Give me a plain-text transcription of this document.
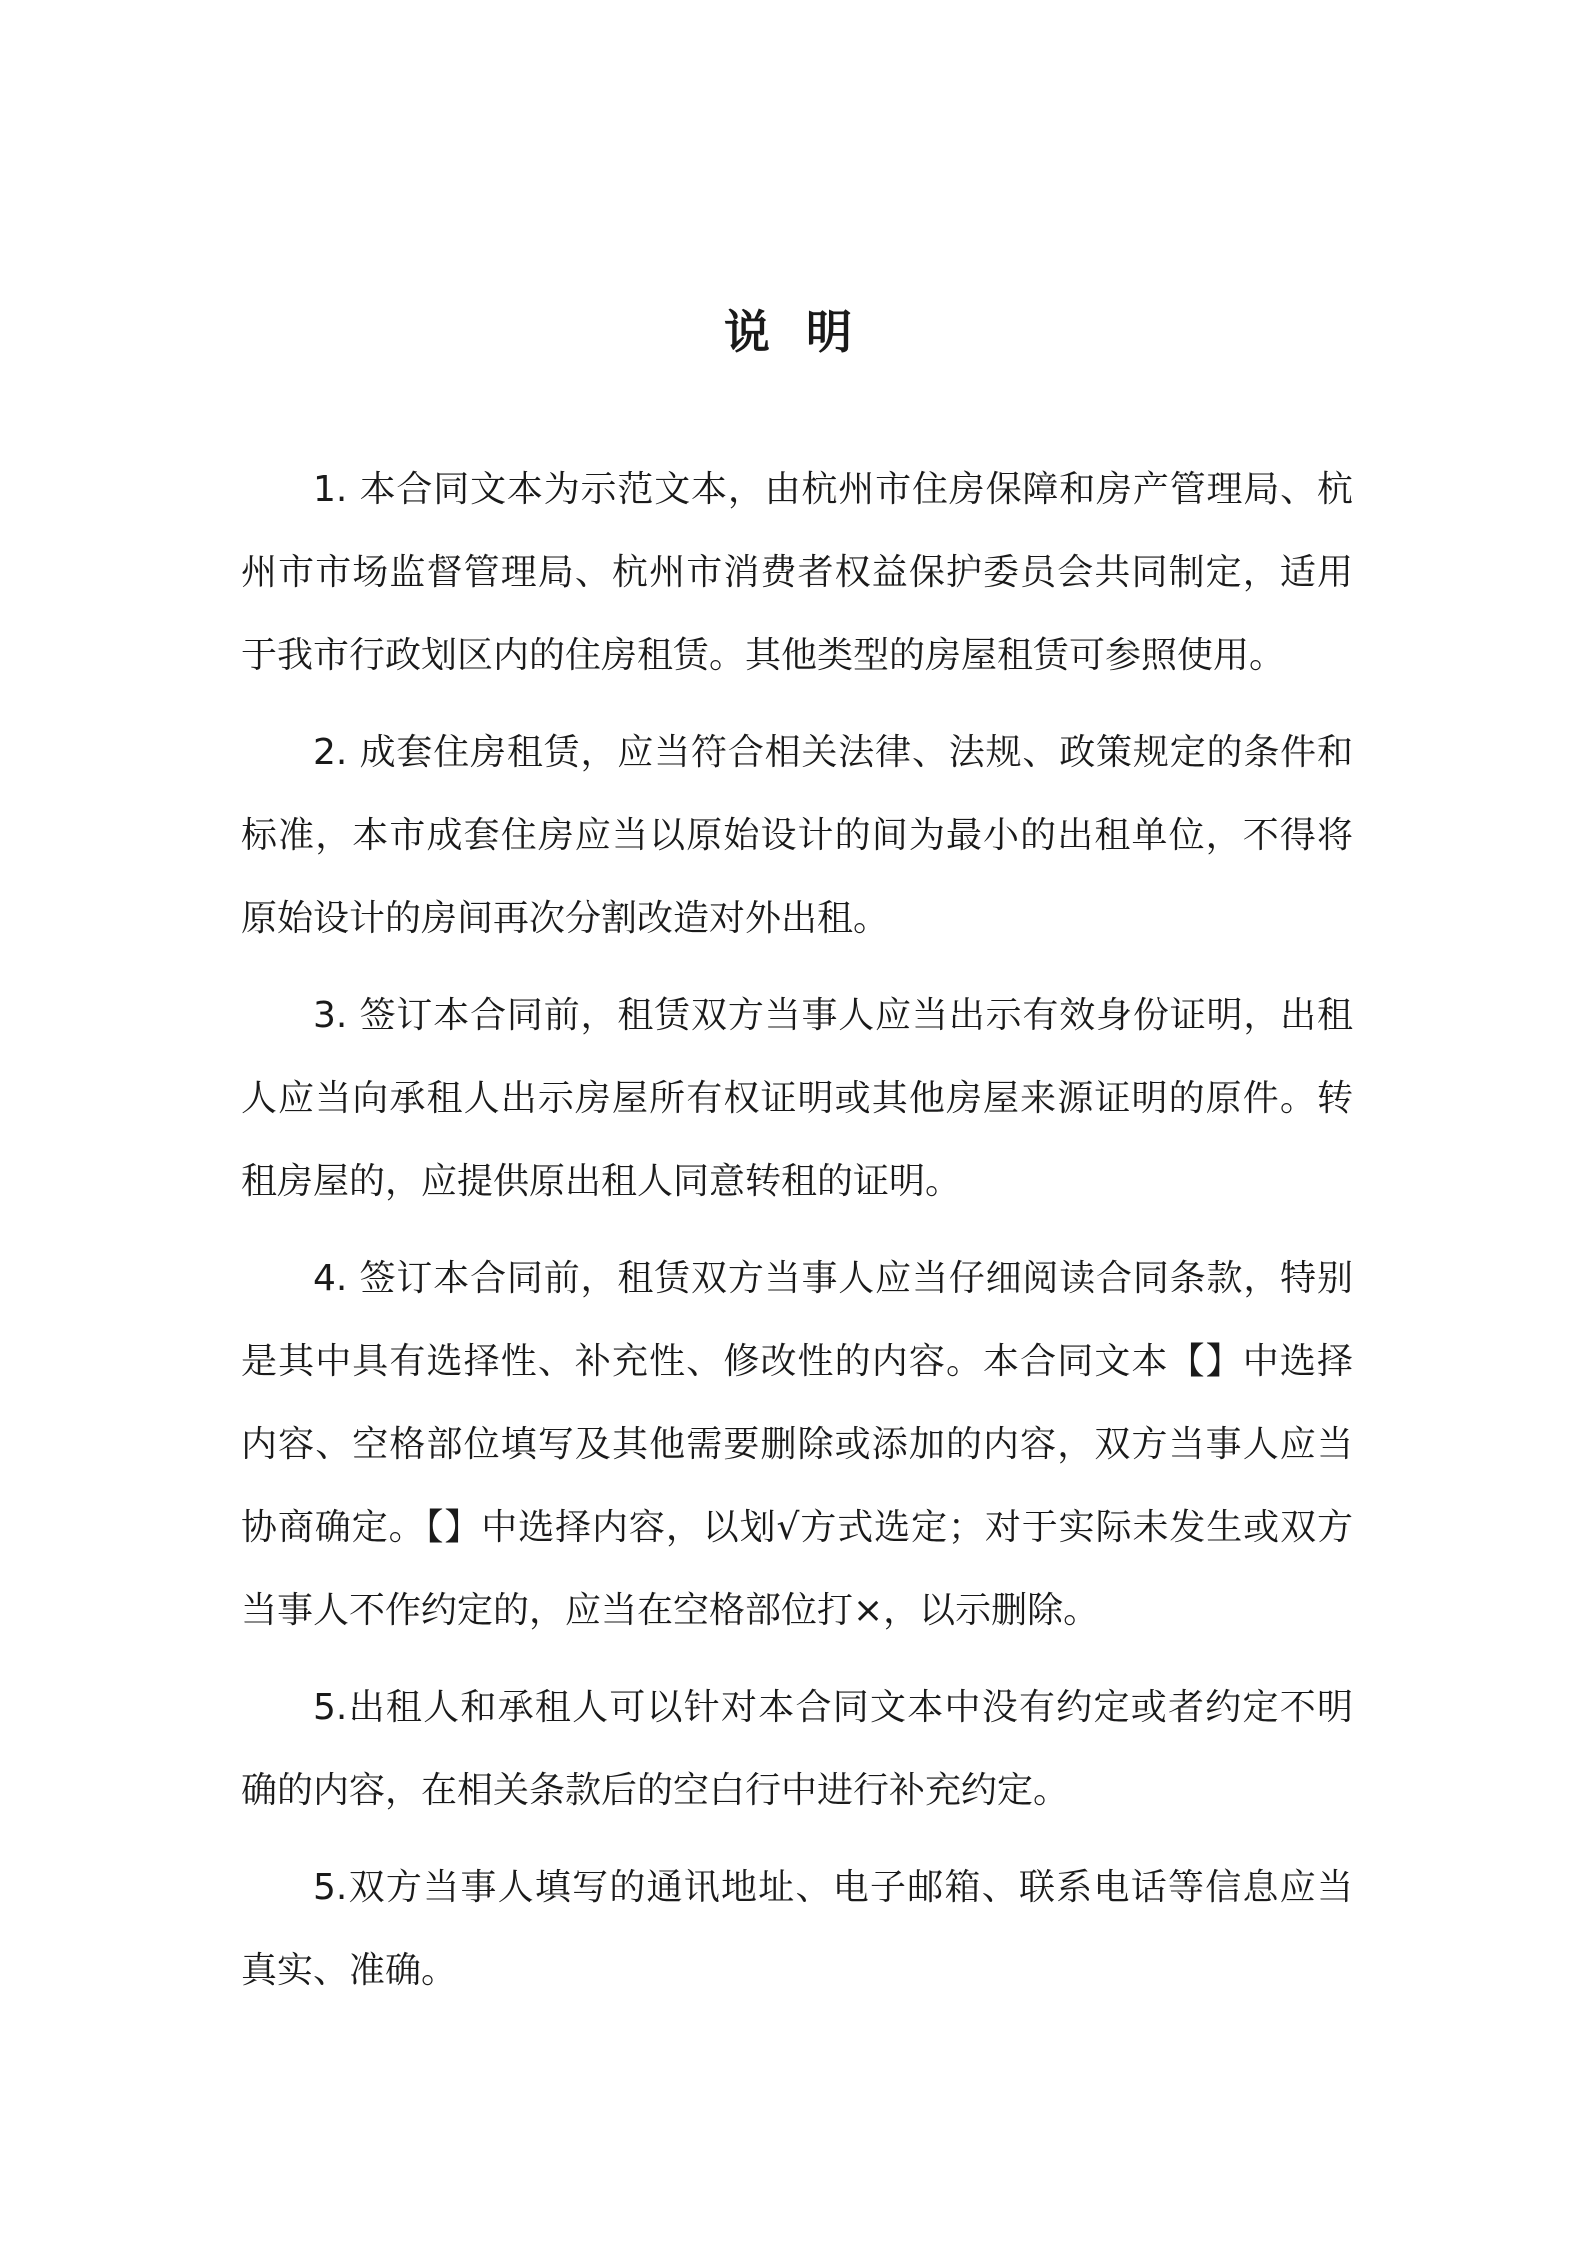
说 明

1. 本合同文本为示范文本，由杭州市住房保障和房产管理局、杭州市市场监督管理局、杭州市消费者权益保护委员会共同制定，适用于我市行政划区内的住房租赁。其他类型的房屋租赁可参照使用。

2. 成套住房租赁，应当符合相关法律、法规、政策规定的条件和标准，本市成套住房应当以原始设计的间为最小的出租单位，不得将原始设计的房间再次分割改造对外出租。

3. 签订本合同前，租赁双方当事人应当出示有效身份证明，出租人应当向承租人出示房屋所有权证明或其他房屋来源证明的原件。转租房屋的，应提供原出租人同意转租的证明。

4. 签订本合同前，租赁双方当事人应当仔细阅读合同条款，特别是其中具有选择性、补充性、修改性的内容。本合同文本【】中选择内容、空格部位填写及其他需要删除或添加的内容，双方当事人应当协商确定。【】中选择内容，以划√方式选定；对于实际未发生或双方当事人不作约定的，应当在空格部位打×，以示删除。

5.出租人和承租人可以针对本合同文本中没有约定或者约定不明确的内容，在相关条款后的空白行中进行补充约定。

5.双方当事人填写的通讯地址、电子邮箱、联系电话等信息应当真实、准确。
